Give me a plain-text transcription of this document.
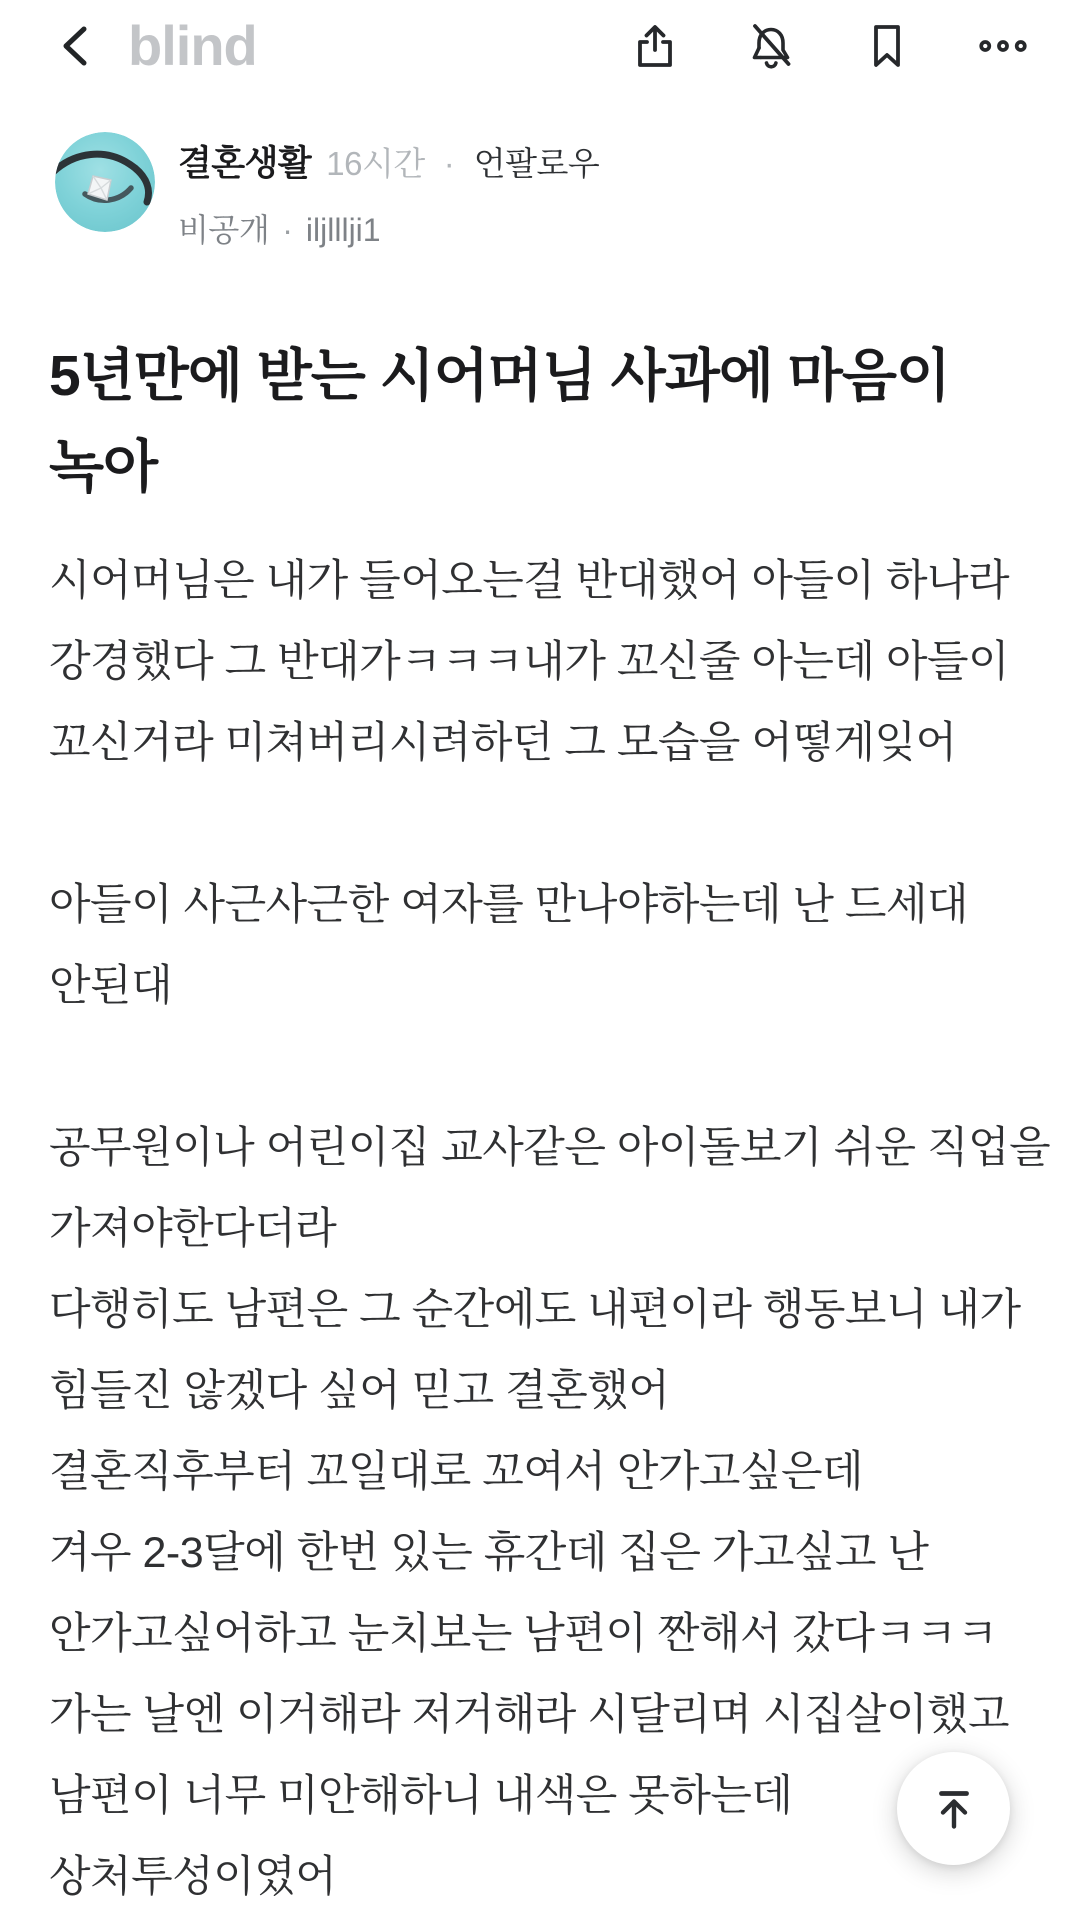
blind
결혼생활 16시간 · 언팔로우
비공개 · iljlllji1
5년만에 받는 시어머님 사과에 마음이
녹아
시어머님은 내가 들어오는걸 반대했어 아들이 하나라
강경했다 그 반대가ㅋㅋㅋ내가 꼬신줄 아는데 아들이
꼬신거라 미쳐버리시려하던 그 모습을 어떻게잊어

아들이 사근사근한 여자를 만나야하는데 난 드세대
안된대

공무원이나 어린이집 교사같은 아이돌보기 쉬운 직업을
가져야한다더라
다행히도 남편은 그 순간에도 내편이라 행동보니 내가
힘들진 않겠다 싶어 믿고 결혼했어
결혼직후부터 꼬일대로 꼬여서 안가고싶은데
겨우 2-3달에 한번 있는 휴간데 집은 가고싶고 난
안가고싶어하고 눈치보는 남편이 짠해서 갔다ㅋㅋㅋ
가는 날엔 이거해라 저거해라 시달리며 시집살이했고
남편이 너무 미안해하니 내색은 못하는데
상처투성이였어
